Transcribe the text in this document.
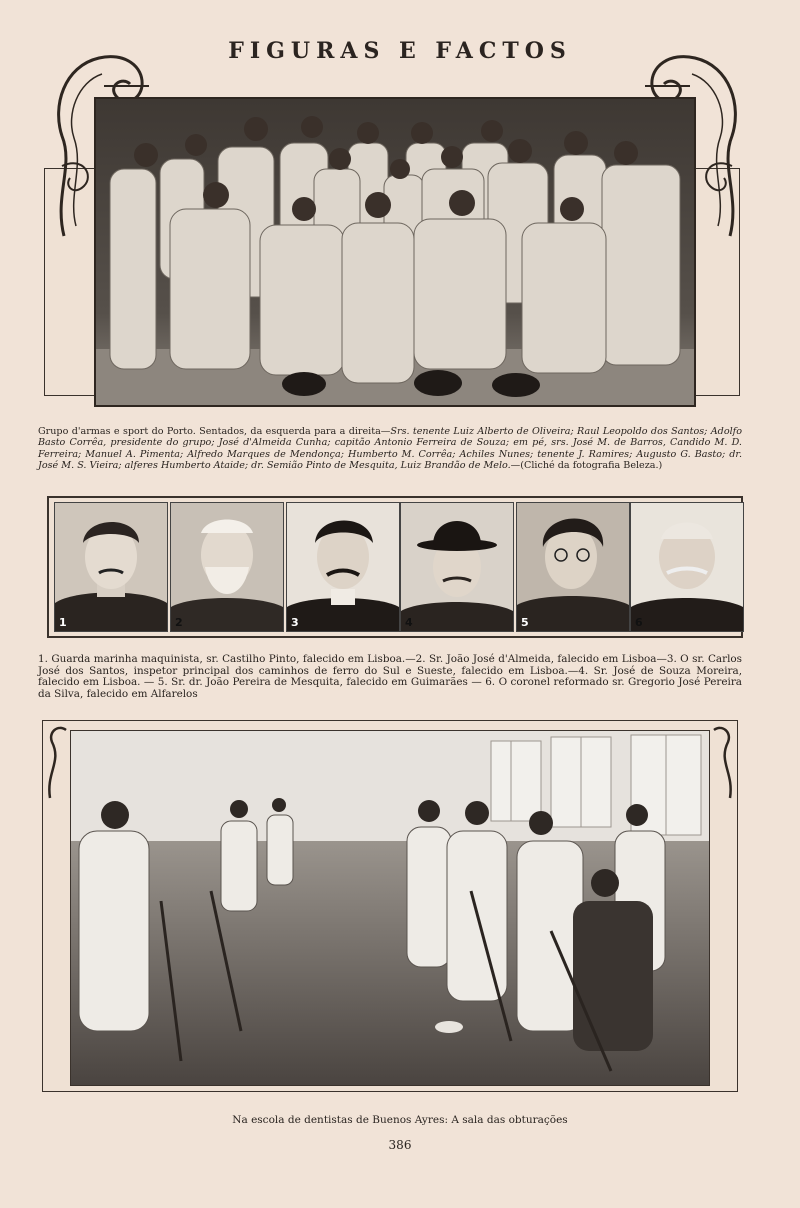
FIGURAS E FACTOS
Grupo d'armas e sport do Porto. Sentados, da esquerda para a direita—Srs. tenente Luiz Alberto de Oliveira; Raul Leopoldo dos Santos; Adolfo Basto Corrêa, presidente do grupo; José d'Almeida Cunha; capitão Antonio Ferreira de Souza; em pé, srs. José M. de Barros, Candido M. D. Ferreira; Manuel A. Pimenta; Alfredo Marques de Mendonça; Humberto M. Corrêa; Achiles Nunes; tenente J. Ramires; Augusto G. Basto; dr. José M. S. Vieira; alferes Humberto Ataide; dr. Semião Pinto de Mesquita, Luiz Brandão de Melo.—(Cliché da fotografia Beleza.)
1	2	3	4	5	6
1. Guarda marinha maquinista, sr. Castilho Pinto, falecido em Lisboa.—2. Sr. João José d'Almeida, falecido em Lisboa—3. O sr. Carlos José dos Santos, inspetor principal dos caminhos de ferro do Sul e Sueste, falecido em Lisboa.—4. Sr. José de Souza Moreira, falecido em Lisboa. — 5. Sr. dr. João Pereira de Mesquita, falecido em Guimarães — 6. O coronel reformado sr. Gregorio José Pereira da Silva, falecido em Alfarelos
Na escola de dentistas de Buenos Ayres: A sala das obturações
386
